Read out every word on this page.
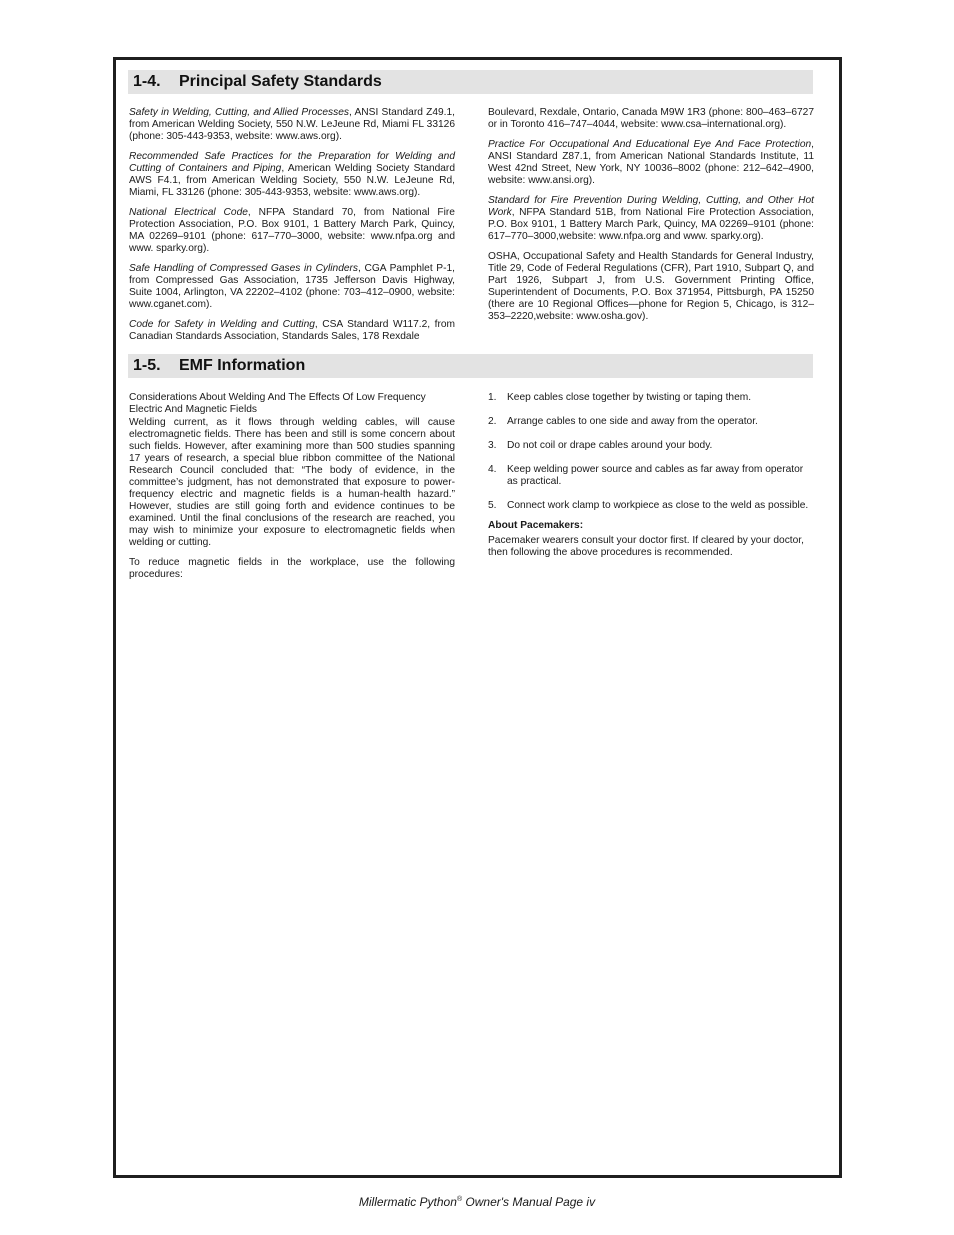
1-4. Principal Safety Standards

Safety in Welding, Cutting, and Allied Processes, ANSI Standard Z49.1, from American Welding Society, 550 N.W. LeJeune Rd, Miami FL 33126 (phone: 305-443-9353, website: www.aws.org).

Recommended Safe Practices for the Preparation for Welding and Cutting of Containers and Piping, American Welding Society Standard AWS F4.1, from American Welding Society, 550 N.W. LeJeune Rd, Miami, FL 33126 (phone: 305-443-9353, website: www.aws.org).

National Electrical Code, NFPA Standard 70, from National Fire Protection Association, P.O. Box 9101, 1 Battery March Park, Quincy, MA 02269–9101 (phone: 617–770–3000, website: www.nfpa.org and www. sparky.org).

Safe Handling of Compressed Gases in Cylinders, CGA Pamphlet P-1, from Compressed Gas Association, 1735 Jefferson Davis Highway, Suite 1004, Arlington, VA 22202–4102 (phone: 703–412–0900, website: www.cganet.com).

Code for Safety in Welding and Cutting, CSA Standard W117.2, from Canadian Standards Association, Standards Sales, 178 Rexdale

Boulevard, Rexdale, Ontario, Canada M9W 1R3 (phone: 800–463–6727 or in Toronto 416–747–4044, website: www.csa–international.org).

Practice For Occupational And Educational Eye And Face Protection, ANSI Standard Z87.1, from American National Standards Institute, 11 West 42nd Street, New York, NY 10036–8002 (phone: 212–642–4900, website: www.ansi.org).

Standard for Fire Prevention During Welding, Cutting, and Other Hot Work, NFPA Standard 51B, from National Fire Protection Association, P.O. Box 9101, 1 Battery March Park, Quincy, MA 02269–9101 (phone: 617–770–3000,website: www.nfpa.org and www. sparky.org).

OSHA, Occupational Safety and Health Standards for General Industry, Title 29, Code of Federal Regulations (CFR), Part 1910, Subpart Q, and Part 1926, Subpart J, from U.S. Government Printing Office, Superintendent of Documents, P.O. Box 371954, Pittsburgh, PA 15250 (there are 10 Regional Offices—phone for Region 5, Chicago, is 312–353–2220,website: www.osha.gov).

1-5. EMF Information

Considerations About Welding And The Effects Of Low Frequency Electric And Magnetic Fields

Welding current, as it flows through welding cables, will cause electromagnetic fields. There has been and still is some concern about such fields. However, after examining more than 500 studies spanning 17 years of research, a special blue ribbon committee of the National Research Council concluded that: “The body of evidence, in the committee’s judgment, has not demonstrated that exposure to power-frequency electric and magnetic fields is a human-health hazard.” However, studies are still going forth and evidence continues to be examined. Until the final conclusions of the research are reached, you may wish to minimize your exposure to electromagnetic fields when welding or cutting.

To reduce magnetic fields in the workplace, use the following procedures:

1. Keep cables close together by twisting or taping them.
2. Arrange cables to one side and away from the operator.
3. Do not coil or drape cables around your body.
4. Keep welding power source and cables as far away from operator as practical.
5. Connect work clamp to workpiece as close to the weld as possible.

About Pacemakers:

Pacemaker wearers consult your doctor first. If cleared by your doctor, then following the above procedures is recommended.

Millermatic Python® Owner's Manual Page iv
